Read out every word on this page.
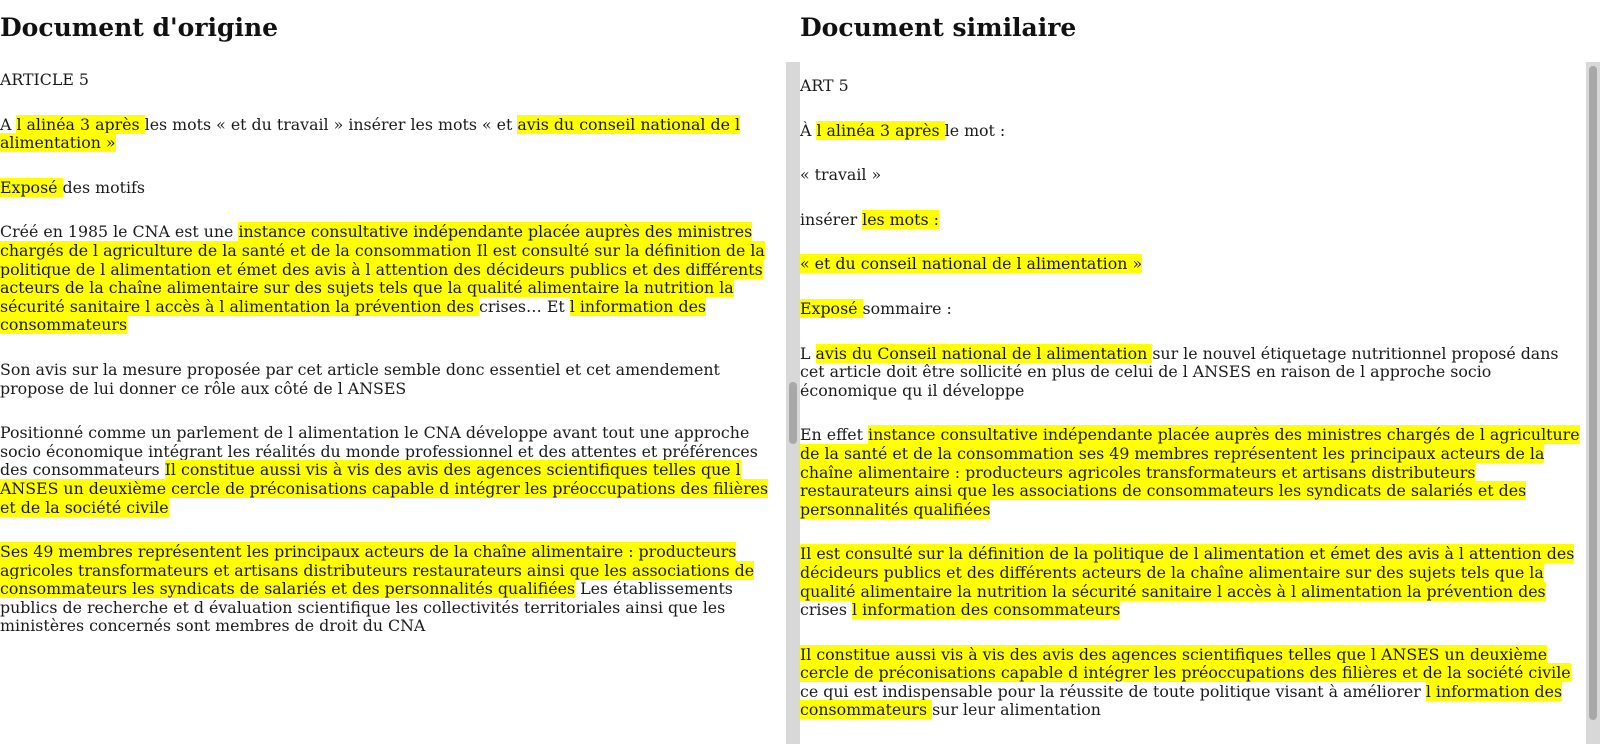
Document d'origine

ARTICLE 5

A l alinéa 3 après les mots « et du travail » insérer les mots « et avis du conseil national de l alimentation »

Exposé des motifs

Créé en 1985 le CNA est une instance consultative indépendante placée auprès des ministres chargés de l agriculture de la santé et de la consommation Il est consulté sur la définition de la politique de l alimentation et émet des avis à l attention des décideurs publics et des différents acteurs de la chaîne alimentaire sur des sujets tels que la qualité alimentaire la nutrition la sécurité sanitaire l accès à l alimentation la prévention des crises… Et l information des consommateurs

Son avis sur la mesure proposée par cet article semble donc essentiel et cet amendement propose de lui donner ce rôle aux côté de l ANSES

Positionné comme un parlement de l alimentation le CNA développe avant tout une approche socio économique intégrant les réalités du monde professionnel et des attentes et préférences des consommateurs Il constitue aussi vis à vis des avis des agences scientifiques telles que l ANSES un deuxième cercle de préconisations capable d intégrer les préoccupations des filières et de la société civile

Ses 49 membres représentent les principaux acteurs de la chaîne alimentaire : producteurs agricoles transformateurs et artisans distributeurs restaurateurs ainsi que les associations de consommateurs les syndicats de salariés et des personnalités qualifiées Les établissements publics de recherche et d évaluation scientifique les collectivités territoriales ainsi que les ministères concernés sont membres de droit du CNA

Document similaire

ART 5

À l alinéa 3 après le mot :

« travail »

insérer les mots :

« et du conseil national de l alimentation »

Exposé sommaire :

L avis du Conseil national de l alimentation sur le nouvel étiquetage nutritionnel proposé dans cet article doit être sollicité en plus de celui de l ANSES en raison de l approche socio économique qu il développe

En effet instance consultative indépendante placée auprès des ministres chargés de l agriculture de la santé et de la consommation ses 49 membres représentent les principaux acteurs de la chaîne alimentaire : producteurs agricoles transformateurs et artisans distributeurs restaurateurs ainsi que les associations de consommateurs les syndicats de salariés et des personnalités qualifiées

Il est consulté sur la définition de la politique de l alimentation et émet des avis à l attention des décideurs publics et des différents acteurs de la chaîne alimentaire sur des sujets tels que la qualité alimentaire la nutrition la sécurité sanitaire l accès à l alimentation la prévention des crises l information des consommateurs

Il constitue aussi vis à vis des avis des agences scientifiques telles que l ANSES un deuxième cercle de préconisations capable d intégrer les préoccupations des filières et de la société civile ce qui est indispensable pour la réussite de toute politique visant à améliorer l information des consommateurs sur leur alimentation
